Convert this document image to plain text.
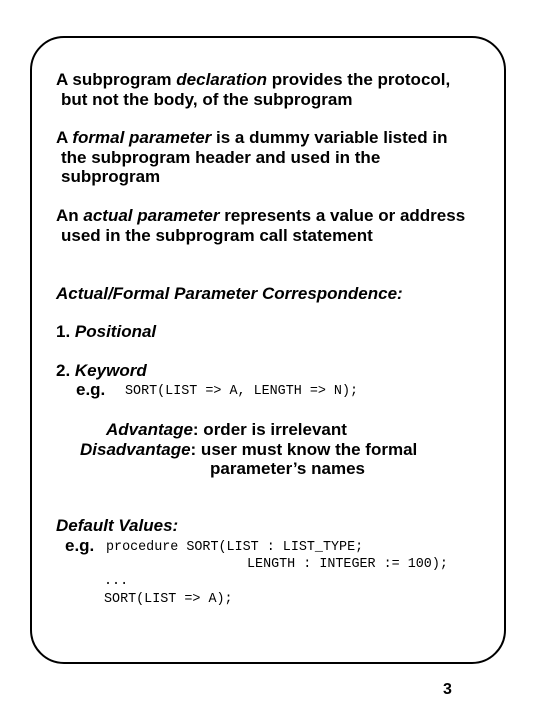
A subprogram declaration provides the protocol,
but not the body, of the subprogram
A formal parameter is a dummy variable listed in
the subprogram header and used in the
subprogram
An actual parameter represents a value or address
used in the subprogram call statement
Actual/Formal Parameter Correspondence:
1. Positional
2. Keyword
e.g. SORT(LIST => A, LENGTH => N);
Advantage: order is irrelevant
Disadvantage: user must know the formal
parameter’s names
Default Values:
e.g. procedure SORT(LIST : LIST_TYPE;
LENGTH : INTEGER := 100);
...
SORT(LIST => A);
3
